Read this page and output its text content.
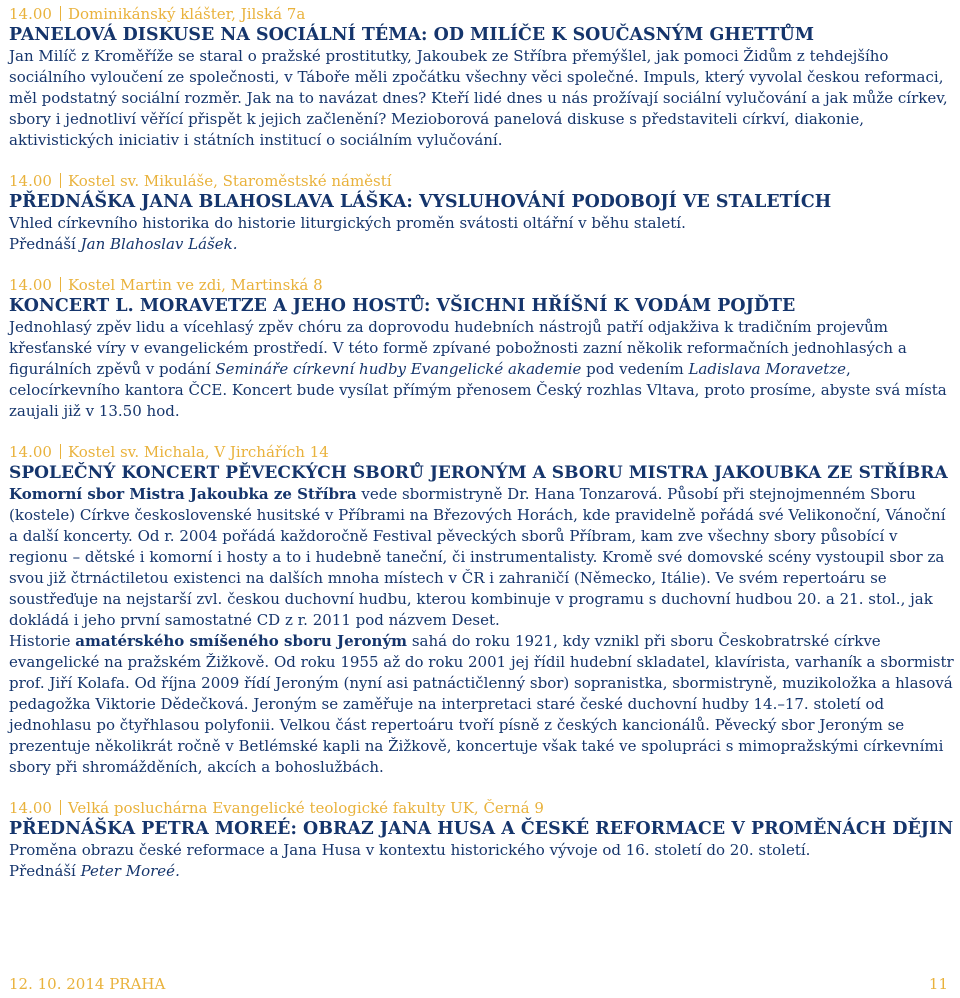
14.00 Dominikánský klášter, Jilská 7a
PANELOVÁ DISKUSE NA SOCIÁLNÍ TÉMA: OD MILÍČE K SOUČASNÝM GHETTŮM
Jan Milíč z Kroměříže se staral o pražské prostitutky, Jakoubek ze Stříbra přemýšlel, jak pomoci Židům z tehdejšího sociálního vyloučení ze společnosti, v Táboře měli zpočátku všechny věci společné. Impuls, který vyvolal českou reformaci, měl podstatný sociální rozměr. Jak na to navázat dnes? Kteří lidé dnes u nás prožívají sociální vylučování a jak může církev, sbory i jednotliví věřící přispět k jejich začlenění? Mezioborová panelová diskuse s představiteli církví, diakonie, aktivistických iniciativ i státních institucí o sociálním vylučování.
14.00 Kostel sv. Mikuláše, Staroměstské náměstí
PŘEDNÁŠKA JANA BLAHOSLAVA LÁŠKA: VYSLUHOVÁNÍ PODOBOJÍ VE STALETÍCH
Vhled církevního historika do historie liturgických proměn svátosti oltářní v běhu staletí.
Přednáší Jan Blahoslav Lášek.
14.00 Kostel Martin ve zdi, Martinská 8
KONCERT L. MORAVETZE A JEHO HOSTŮ: VŠICHNI HŘÍŠNÍ K VODÁM POJĎTE
Jednohlasý zpěv lidu a vícehlasý zpěv chóru za doprovodu hudebních nástrojů patří odjakživa k tradičním projevům křesťanské víry v evangelickém prostředí. V této formě zpívané pobožnosti zazní několik reformačních jednohlasých a figurálních zpěvů v podání Semináře církevní hudby Evangelické akademie pod vedením Ladislava Moravetze, celocírkevního kantora ČCE. Koncert bude vysílat přímým přenosem Český rozhlas Vltava, proto prosíme, abyste svá místa zaujali již v 13.50 hod.
14.00 Kostel sv. Michala, V Jirchářích 14
SPOLEČNÝ KONCERT PĚVECKÝCH SBORŮ JERONÝM A SBORU MISTRA JAKOUBKA ZE STŘÍBRA
Komorní sbor Mistra Jakoubka ze Stříbra vede sbormistryně Dr. Hana Tonzarová. Působí při stejnojmenném Sboru (kostele) Církve československé husitské v Příbrami na Březových Horách, kde pravidelně pořádá své Velikonoční, Vánoční a další koncerty. Od r. 2004 pořádá každoročně Festival pěveckých sborů Příbram, kam zve všechny sbory působící v regionu – dětské i komorní i hosty a to i hudebně taneční, či instrumentalisty. Kromě své domovské scény vystoupil sbor za svou již čtrnáctiletou existenci na dalších mnoha místech v ČR i zahraničí (Německo, Itálie). Ve svém repertoáru se soustřeďuje na nejstarší zvl. českou duchovní hudbu, kterou kombinuje v programu s duchovní hudbou 20. a 21. stol., jak dokládá i jeho první samostatné CD z r. 2011 pod názvem Deset.
Historie amatérského smíšeného sboru Jeroným sahá do roku 1921, kdy vznikl při sboru Českobratrské církve evangelické na pražském Žižkově. Od roku 1955 až do roku 2001 jej řídil hudební skladatel, klavírista, varhaník a sbormistr prof. Jiří Kolafa. Od října 2009 řídí Jeroným (nyní asi patnáctičlenný sbor) sopranistka, sbormistryně, muzikoložka a hlasová pedagožka Viktorie Dědečková. Jeroným se zaměřuje na interpretaci staré české duchovní hudby 14.–17. století od jednohlasu po čtyřhlasou polyfonii. Velkou část repertoáru tvoří písně z českých kancionálů. Pěvecký sbor Jeroným se prezentuje několikrát ročně v Betlémské kapli na Žižkově, koncertuje však také ve spolupráci s mimopražskými církevními sbory při shromážděních, akcích a bohoslužbách.
14.00 Velká posluchárna Evangelické teologické fakulty UK, Černá 9
PŘEDNÁŠKA PETRA MOREÉ: OBRAZ JANA HUSA A ČESKÉ REFORMACE V PROMĚNÁCH DĚJIN
Proměna obrazu české reformace a Jana Husa v kontextu historického vývoje od 16. století do 20. století.
Přednáší Peter Moreé.
12. 10. 2014 PRAHA	11
